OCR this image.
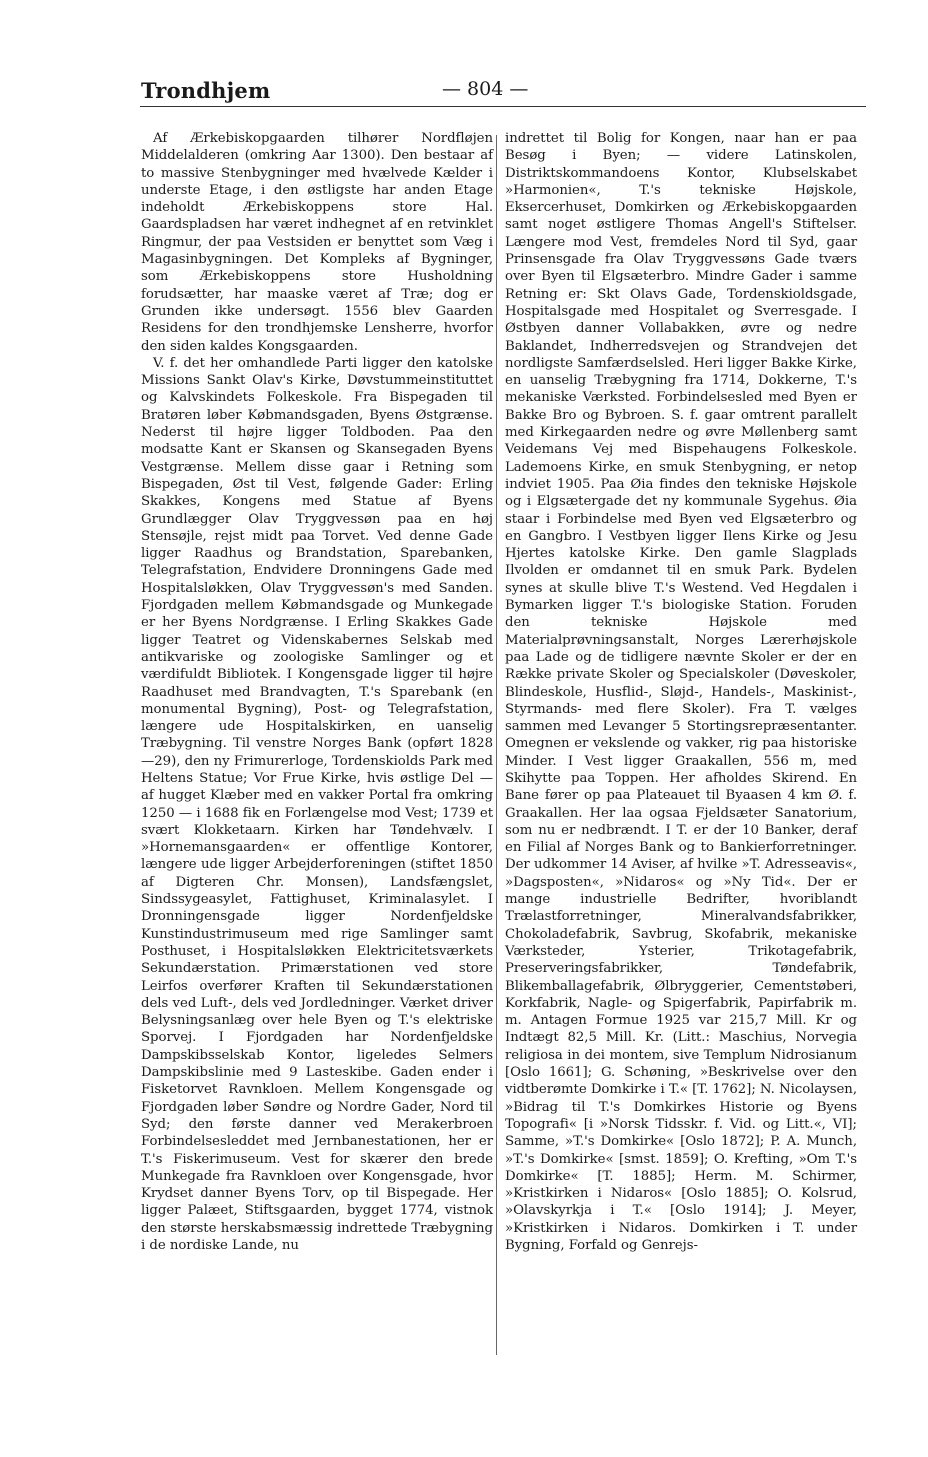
Trondhjem	— 804 —

Af Ærkebiskopgaarden tilhører Nordfløjen Middelalderen (omkring Aar 1300). Den bestaar af to massive Stenbygninger med hvælvede Kælder i underste Etage, i den østligste har anden Etage indeholdt Ærkebiskoppens store Hal. Gaardspladsen har været indhegnet af en retvinklet Ringmur, der paa Vestsiden er benyttet som Væg i Magasinbygningen. Det Kompleks af Bygninger, som Ærkebiskoppens store Husholdning forudsætter, har maaske været af Træ; dog er Grunden ikke undersøgt. 1556 blev Gaarden Residens for den trondhjemske Lensherre, hvorfor den siden kaldes Kongsgaarden.

V. f. det her omhandlede Parti ligger den katolske Missions Sankt Olav's Kirke, Døvstummeinstituttet og Kalvskindets Folkeskole. Fra Bispegaden til Bratøren løber Købmandsgaden, Byens Østgrænse. Nederst til højre ligger Toldboden. Paa den modsatte Kant er Skansen og Skansegaden Byens Vestgrænse. Mellem disse gaar i Retning som Bispegaden, Øst til Vest, følgende Gader: Erling Skakkes, Kongens med Statue af Byens Grundlægger Olav Tryggvessøn paa en høj Stensøjle, rejst midt paa Torvet. Ved denne Gade ligger Raadhus og Brandstation, Sparebanken, Telegrafstation, Endvidere Dronningens Gade med Hospitalsløkken, Olav Tryggvessøn's med Sanden. Fjordgaden mellem Købmandsgade og Munkegade er her Byens Nordgrænse. I Erling Skakkes Gade ligger Teatret og Videnskabernes Selskab med antikvariske og zoologiske Samlinger og et værdifuldt Bibliotek. I Kongensgade ligger til højre Raadhuset med Brandvagten, T.'s Sparebank (en monumental Bygning), Post- og Telegrafstation, længere ude Hospitalskirken, en uanselig Træbygning. Til venstre Norges Bank (opført 1828—29), den ny Frimurerloge, Tordenskiolds Park med Heltens Statue; Vor Frue Kirke, hvis østlige Del — af hugget Klæber med en vakker Portal fra omkring 1250 — i 1688 fik en Forlængelse mod Vest; 1739 et svært Klokketaarn. Kirken har Tøndehvælv. I »Hornemansgaarden« er offentlige Kontorer, længere ude ligger Arbejderforeningen (stiftet 1850 af Digteren Chr. Monsen), Landsfængslet, Sindssygeasylet, Fattighuset, Kriminalasylet. I Dronningensgade ligger Nordenfjeldske Kunstindustrimuseum med rige Samlinger samt Posthuset, i Hospitalsløkken Elektricitetsværkets Sekundærstation. Primærstationen ved store Leirfos overfører Kraften til Sekundærstationen dels ved Luft-, dels ved Jordledninger. Værket driver Belysningsanlæg over hele Byen og T.'s elektriske Sporvej. I Fjordgaden har Nordenfjeldske Dampskibsselskab Kontor, ligeledes Selmers Dampskibslinie med 9 Lasteskibe. Gaden ender i Fisketorvet Ravnkloen. Mellem Kongensgade og Fjordgaden løber Søndre og Nordre Gader, Nord til Syd; den første danner ved Merakerbroen Forbindelsesleddet med Jernbanestationen, her er T.'s Fiskerimuseum. Vest for skærer den brede Munkegade fra Ravnkloen over Kongensgade, hvor Krydset danner Byens Torv, op til Bispegade. Her ligger Palæet, Stiftsgaarden, bygget 1774, vistnok den største herskabsmæssig indrettede Træbygning i de nordiske Lande, nu

indrettet til Bolig for Kongen, naar han er paa Besøg i Byen; — videre Latinskolen, Distriktskommandoens Kontor, Klubselskabet »Harmonien«, T.'s tekniske Højskole, Eksercerhuset, Domkirken og Ærkebiskopgaarden samt noget østligere Thomas Angell's Stiftelser. Længere mod Vest, fremdeles Nord til Syd, gaar Prinsensgade fra Olav Tryggvessøns Gade tværs over Byen til Elgsæterbro. Mindre Gader i samme Retning er: Skt Olavs Gade, Tordenskioldsgade, Hospitalsgade med Hospitalet og Sverresgade. I Østbyen danner Vollabakken, øvre og nedre Baklandet, Indherredsvejen og Strandvejen det nordligste Samfærdselsled. Heri ligger Bakke Kirke, en uanselig Træbygning fra 1714, Dokkerne, T.'s mekaniske Værksted. Forbindelsesled med Byen er Bakke Bro og Bybroen. S. f. gaar omtrent parallelt med Kirkegaarden nedre og øvre Møllenberg samt Veidemans Vej med Bispehaugens Folkeskole. Lademoens Kirke, en smuk Stenbygning, er netop indviet 1905. Paa Øia findes den tekniske Højskole og i Elgsætergade det ny kommunale Sygehus. Øia staar i Forbindelse med Byen ved Elgsæterbro og en Gangbro. I Vestbyen ligger Ilens Kirke og Jesu Hjertes katolske Kirke. Den gamle Slagplads Ilvolden er omdannet til en smuk Park. Bydelen synes at skulle blive T.'s Westend. Ved Hegdalen i Bymarken ligger T.'s biologiske Station. Foruden den tekniske Højskole med Materialprøvningsanstalt, Norges Lærerhøjskole paa Lade og de tidligere nævnte Skoler er der en Række private Skoler og Specialskoler (Døveskoler, Blindeskole, Husflid-, Sløjd-, Handels-, Maskinist-, Styrmands- med flere Skoler). Fra T. vælges sammen med Levanger 5 Stortingsrepræsentanter. Omegnen er vekslende og vakker, rig paa historiske Minder. I Vest ligger Graakallen, 556 m, med Skihytte paa Toppen. Her afholdes Skirend. En Bane fører op paa Plateauet til Byaasen 4 km Ø. f. Graakallen. Her laa ogsaa Fjeldsæter Sanatorium, som nu er nedbrændt. I T. er der 10 Banker, deraf en Filial af Norges Bank og to Bankierforretninger. Der udkommer 14 Aviser, af hvilke »T. Adresseavis«, »Dagsposten«, »Nidaros« og »Ny Tid«. Der er mange industrielle Bedrifter, hvoriblandt Trælastforretninger, Mineralvandsfabrikker, Chokoladefabrik, Savbrug, Skofabrik, mekaniske Værksteder, Ysterier, Trikotagefabrik, Preserveringsfabrikker, Tøndefabrik, Blikemballagefabrik, Ølbryggerier, Cementstøberi, Korkfabrik, Nagle- og Spigerfabrik, Papirfabrik m. m. Antagen Formue 1925 var 215,7 Mill. Kr og Indtægt 82,5 Mill. Kr. (Litt.: Maschius, Norvegia religiosa in dei montem, sive Templum Nidrosianum [Oslo 1661]; G. Schøning, »Beskrivelse over den vidtberømte Domkirke i T.« [T. 1762]; N. Nicolaysen, »Bidrag til T.'s Domkirkes Historie og Byens Topografi« [i »Norsk Tidsskr. f. Vid. og Litt.«, VI]; Samme, »T.'s Domkirke« [Oslo 1872]; P. A. Munch, »T.'s Domkirke« [smst. 1859]; O. Krefting, »Om T.'s Domkirke« [T. 1885]; Herm. M. Schirmer, »Kristkirken i Nidaros« [Oslo 1885]; O. Kolsrud, »Olavskyrkja i T.« [Oslo 1914]; J. Meyer, »Kristkirken i Nidaros. Domkirken i T. under Bygning, Forfald og Genrejs-
